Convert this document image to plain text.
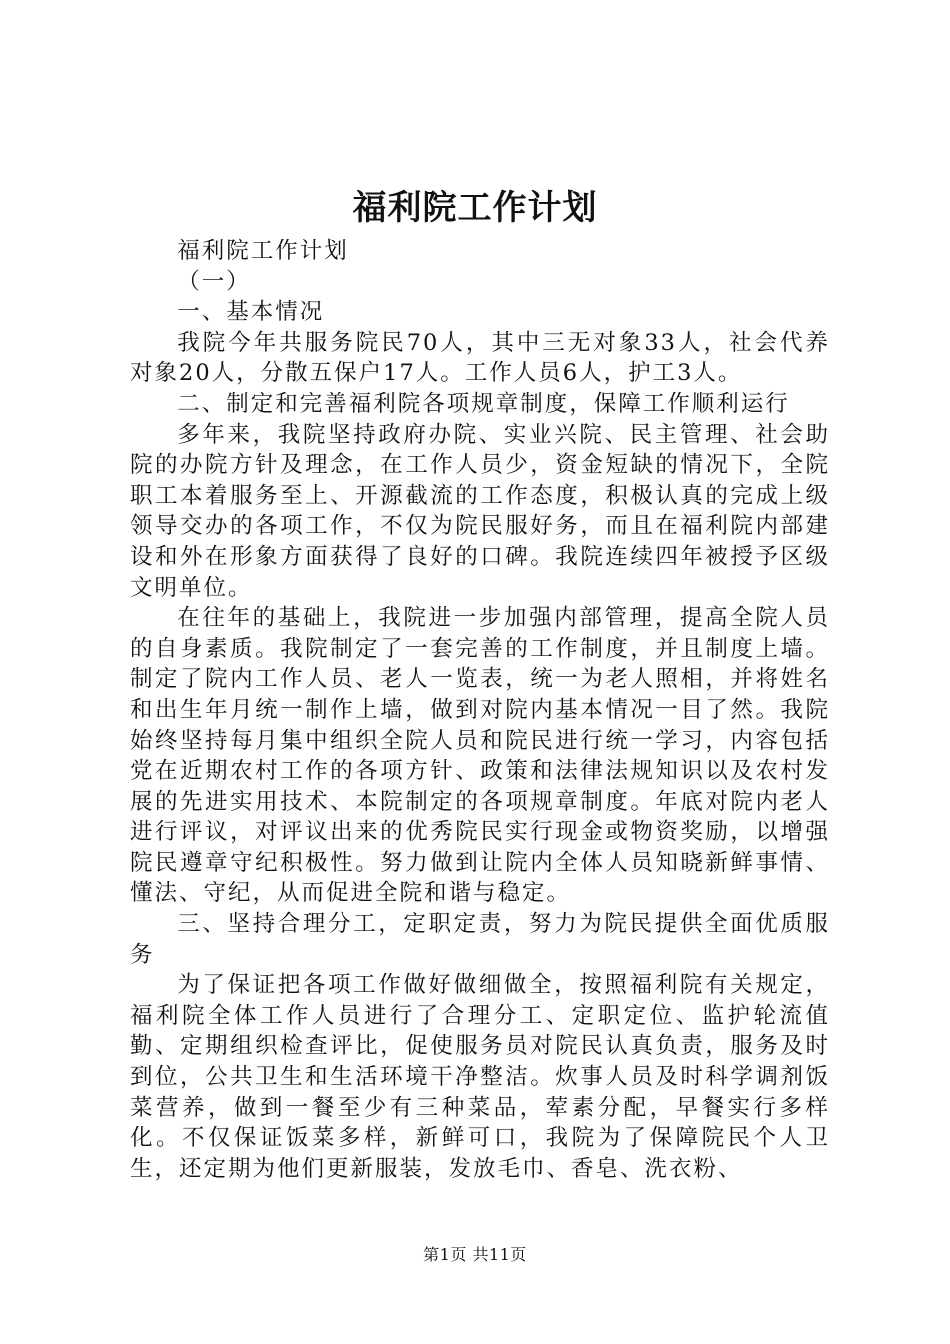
福利院工作计划

福利院工作计划

（一）

一、基本情况

我院今年共服务院民70人，其中三无对象33人，社会代养对象20人，分散五保户17人。工作人员6人，护工3人。

二、制定和完善福利院各项规章制度，保障工作顺利运行

多年来，我院坚持政府办院、实业兴院、民主管理、社会助院的办院方针及理念，在工作人员少，资金短缺的情况下，全院职工本着服务至上、开源截流的工作态度，积极认真的完成上级领导交办的各项工作，不仅为院民服好务，而且在福利院内部建设和外在形象方面获得了良好的口碑。我院连续四年被授予区级文明单位。

在往年的基础上，我院进一步加强内部管理，提高全院人员的自身素质。我院制定了一套完善的工作制度，并且制度上墙。制定了院内工作人员、老人一览表，统一为老人照相，并将姓名和出生年月统一制作上墙，做到对院内基本情况一目了然。我院始终坚持每月集中组织全院人员和院民进行统一学习，内容包括党在近期农村工作的各项方针、政策和法律法规知识以及农村发展的先进实用技术、本院制定的各项规章制度。年底对院内老人进行评议，对评议出来的优秀院民实行现金或物资奖励，以增强院民遵章守纪积极性。努力做到让院内全体人员知晓新鲜事情、懂法、守纪，从而促进全院和谐与稳定。

三、坚持合理分工，定职定责，努力为院民提供全面优质服务

为了保证把各项工作做好做细做全，按照福利院有关规定，福利院全体工作人员进行了合理分工、定职定位、监护轮流值勤、定期组织检查评比，促使服务员对院民认真负责，服务及时到位，公共卫生和生活环境干净整洁。炊事人员及时科学调剂饭菜营养，做到一餐至少有三种菜品，荤素分配，早餐实行多样化。不仅保证饭菜多样，新鲜可口，我院为了保障院民个人卫生，还定期为他们更新服装，发放毛巾、香皂、洗衣粉、

第1页 共11页
